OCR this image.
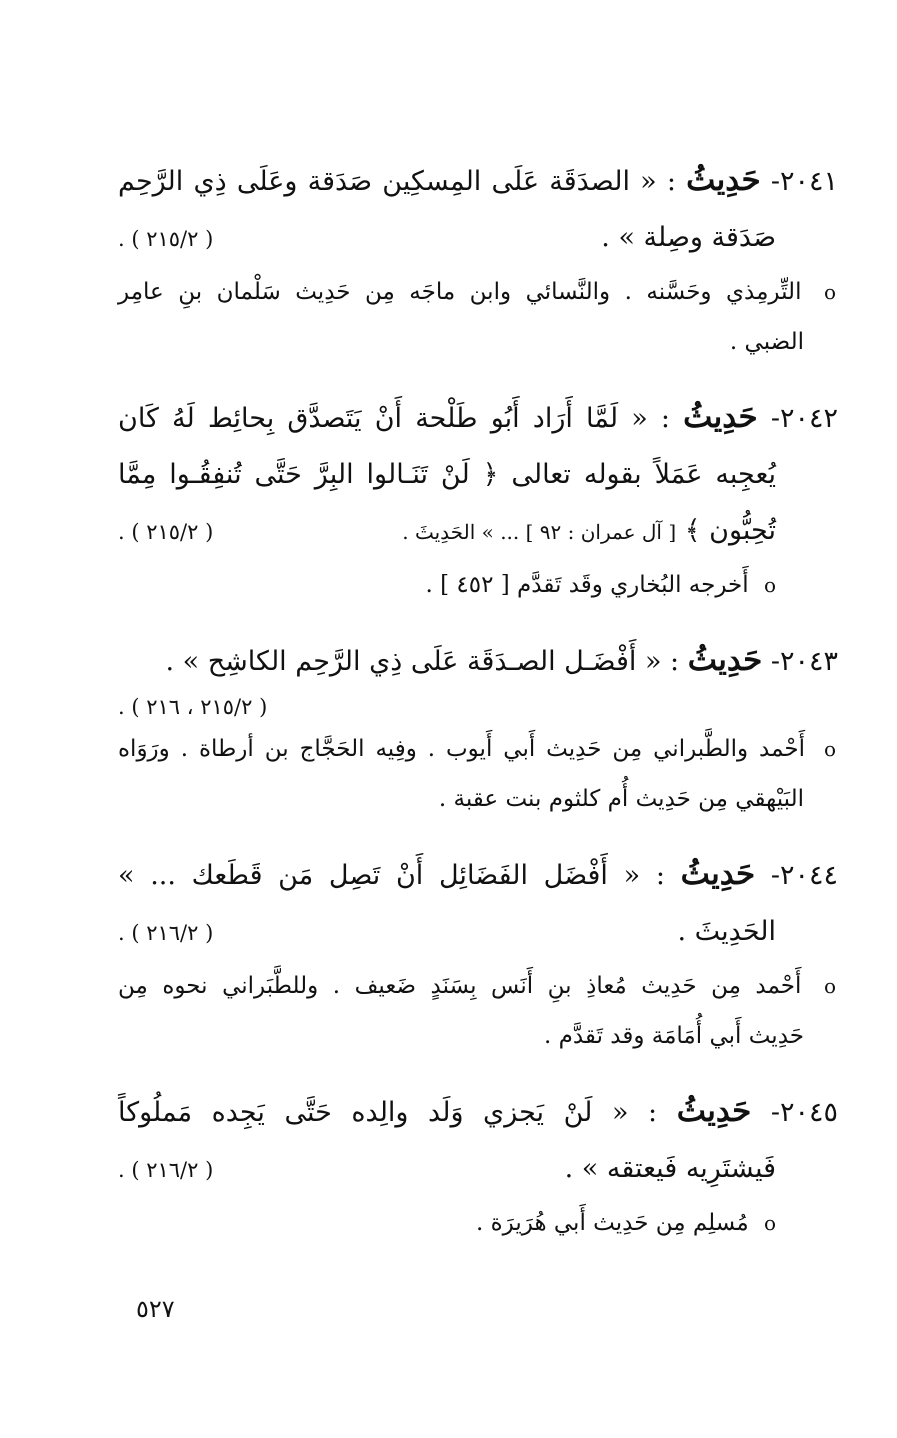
٢٠٤١- حَدِيثُ : « الصدَقَة عَلَى المِسكِين صَدَقة وعَلَى ذِي الرَّحِم
صَدَقة وصِلة » .
( ٢١٥/٢ ) .
o التِّرمِذي وحَسَّنه . والنَّسائي وابن ماجَه مِن حَدِيث سَلْمان بنِ عامِر
الضبي .
٢٠٤٢- حَدِيثُ : « لَمَّا أَرَاد أَبُو طَلْحة أَنْ يَتَصدَّق بِحائِط لَهُ كَان
يُعجِبه عَمَلاً بقوله تعالى ﴿ لَنْ تَنَـالوا البِرَّ حَتَّى تُنفِقُـوا مِمَّا
تُحِبُّون ﴾ [ آل عمران : ٩٢ ] ... » الحَدِيثَ .
( ٢١٥/٢ ) .
o أَخرجه البُخاري وقَد تَقدَّم [ ٤٥٢ ] .
٢٠٤٣- حَدِيثُ : « أَفْضَـل الصـدَقَة عَلَى ذِي الرَّحِم الكاشِح » .
( ٢١٥/٢ ، ٢١٦ ) .
o أَحْمد والطَّبراني مِن حَدِيث أَبي أَيوب . وفِيه الحَجَّاج بن أرطاة . ورَوَاه
البَيْهقي مِن حَدِيث أُم كلثوم بنت عقبة .
٢٠٤٤- حَدِيثُ : « أَفْضَل الفَضَائِل أَنْ تَصِل مَن قَطَعك ... »
الحَدِيثَ .
( ٢١٦/٢ ) .
o أَحْمد مِن حَدِيث مُعاذِ بنِ أَنَس بِسَنَدٍ ضَعيف . وللطَّبَراني نحوه مِن
حَدِيث أَبي أُمَامَة وقد تَقدَّم .
٢٠٤٥- حَدِيثُ : « لَنْ يَجزي وَلَد والِده حَتَّى يَجِده مَملُوكاً
فَيشتَرِيه فَيعتقه » .
( ٢١٦/٢ ) .
o مُسلِم مِن حَدِيث أَبي هُرَيرَة .
٥٢٧
